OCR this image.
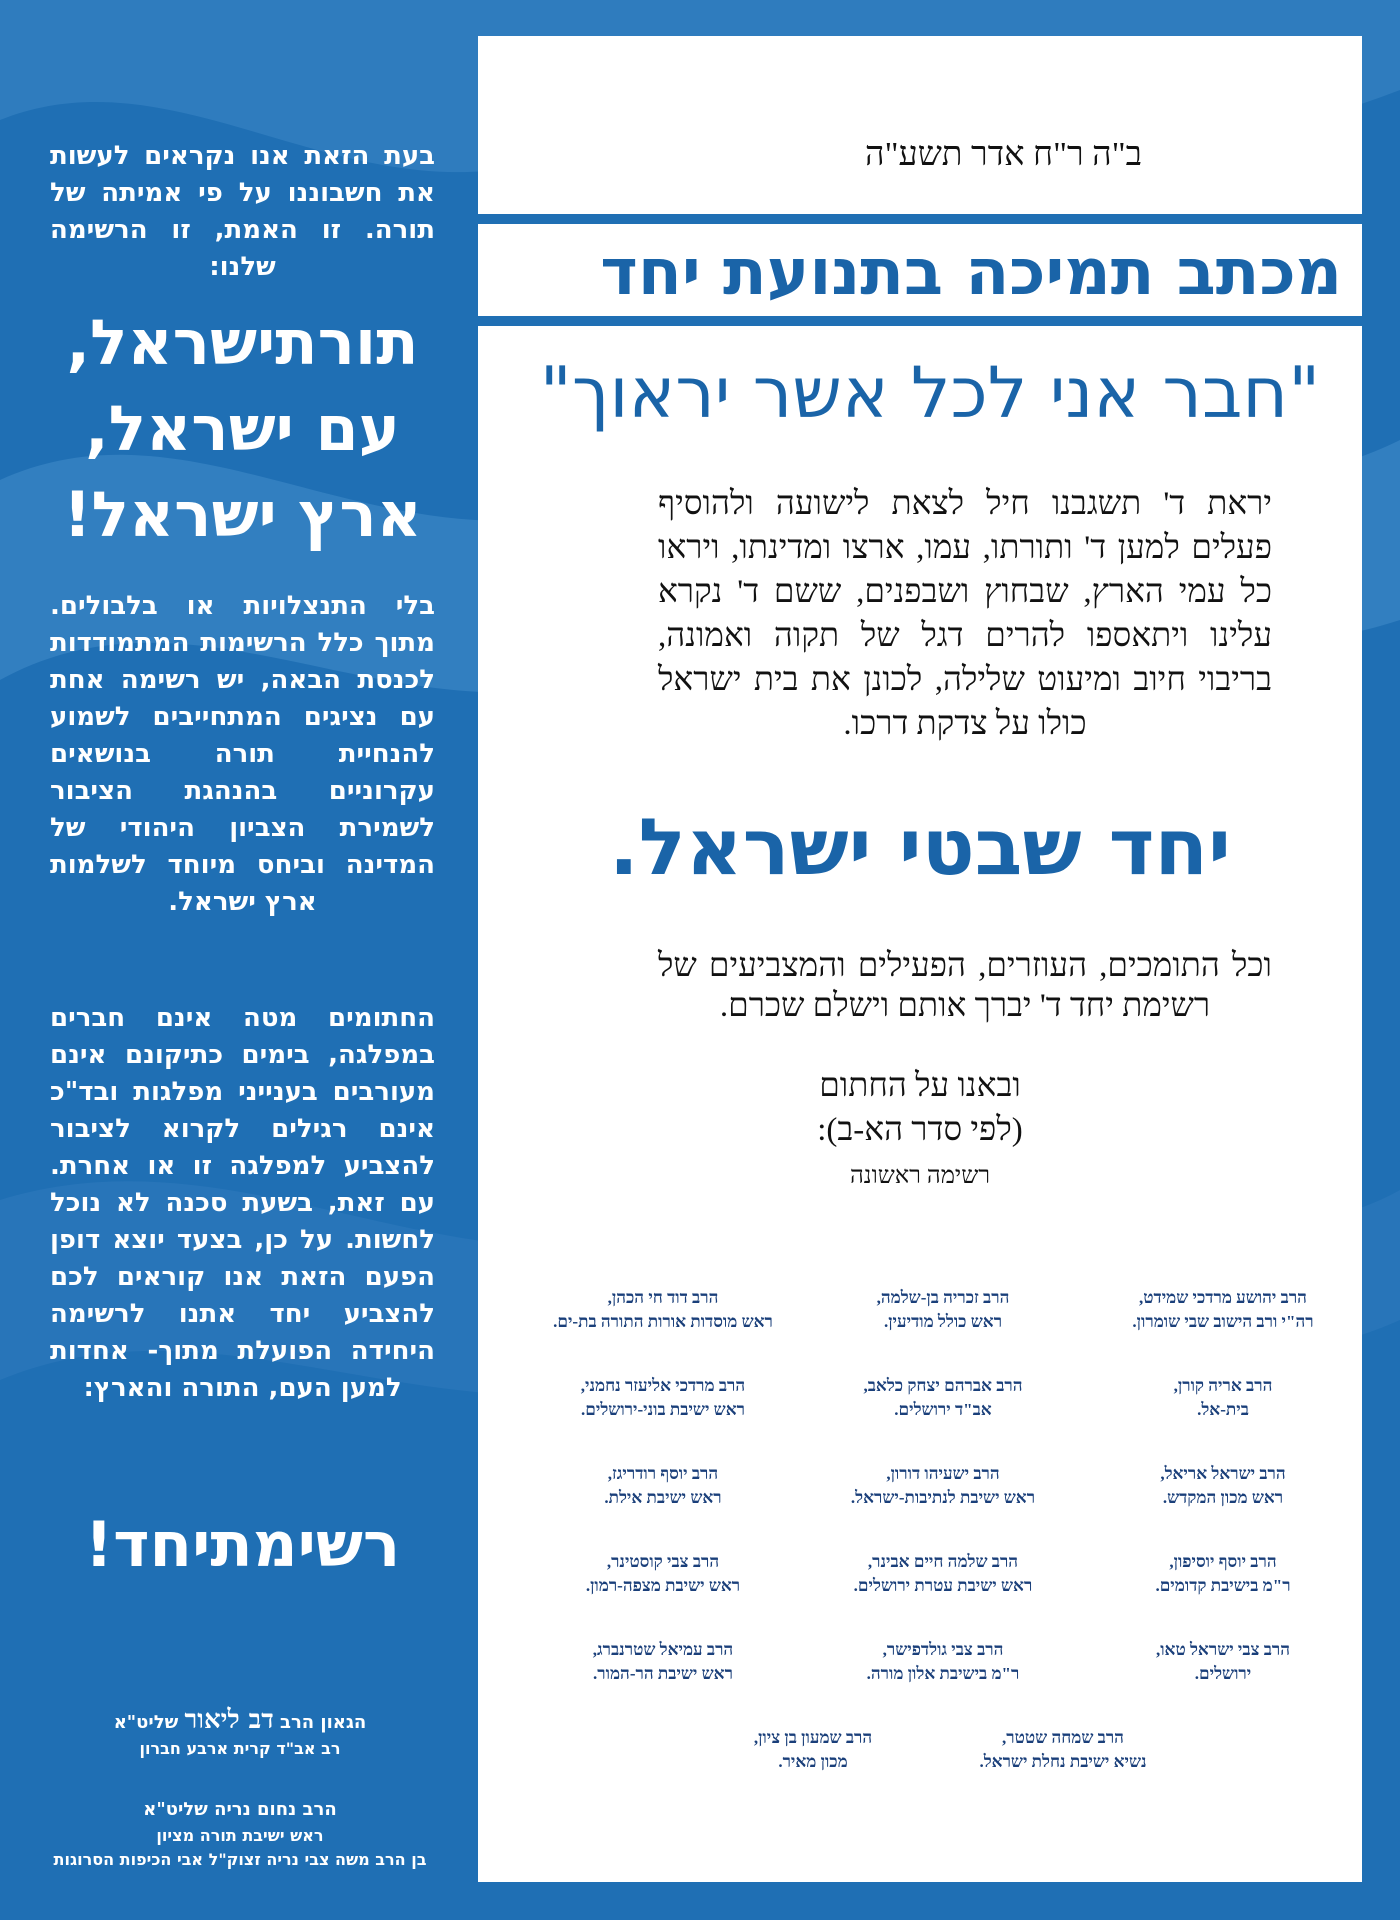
בעת הזאת אנו נקראים לעשות את חשבוננו על פי אמיתה של תורה. זו האמת, זו הרשימה שלנו:
תורתישראל,
עם ישראל,
ארץ ישראל!
בלי התנצלויות או בלבולים. מתוך כלל הרשימות המתמודדות לכנסת הבאה, יש רשימה אחת עם נציגים המתחייבים לשמוע להנחיית תורה בנושאים עקרוניים בהנהגת הציבור לשמירת הצביון היהודי של המדינה וביחס מיוחד לשלמות ארץ ישראל.
החתומים מטה אינם חברים במפלגה, בימים כתיקונם אינם מעורבים בענייני מפלגות ובד"כ אינם רגילים לקרוא לציבור להצביע למפלגה זו או אחרת. עם זאת, בשעת סכנה לא נוכל לחשות. על כן, בצעד יוצא דופן הפעם הזאת אנו קוראים לכם להצביע יחד אתנו לרשימה היחידה הפועלת מתוך- אחדות למען העם, התורה והארץ:
רשימתיחד!
הגאון הרב דב ליאור שליט"א
רב אב"ד קרית ארבע חברון
הרב נחום נריה שליט"א
ראש ישיבת תורה מציון
בן הרב משה צבי נריה זצוק"ל אבי הכיפות הסרוגות
ב"ה ר"ח אדר תשע"ה
מכתב תמיכה בתנועת יחד
"חבר אני לכל אשר יראוך"
יראת ד' תשגבנו חיל לצאת לישועה ולהוסיף פעלים למען ד' ותורתו, עמו, ארצו ומדינתו, ויראו כל עמי הארץ, שבחוץ ושבפנים, ששם ד' נקרא עלינו ויתאספו להרים דגל של תקוה ואמונה, בריבוי חיוב ומיעוט שלילה, לכונן את בית ישראל כולו על צדקת דרכו.
יחד שבטי ישראל.
וכל התומכים, העוזרים, הפעילים והמצביעים של רשימת יחד ד' יברך אותם וישלם שכרם.
ובאנו על החתום
(לפי סדר הא-ב):
רשימה ראשונה
הרב יהושע מרדכי שמידט,
רה"י ורב הישוב שבי שומרון.
הרב זכריה בן-שלמה,
ראש כולל מודיעין.
הרב דוד חי הכהן,
ראש מוסדות אורות התורה בת-ים.
הרב אריה קורן,
בית-אל.
הרב אברהם יצחק כלאב,
אב"ד ירושלים.
הרב מרדכי אליעזר נחמני,
ראש ישיבת בוני-ירושלים.
הרב ישראל אריאל,
ראש מכון המקדש.
הרב ישעיהו דורון,
ראש ישיבת לנתיבות-ישראל.
הרב יוסף רודריגז,
ראש ישיבת אילת.
הרב יוסף יוסיפון,
ר"מ בישיבת קדומים.
הרב שלמה חיים אבינר,
ראש ישיבת עטרת ירושלים.
הרב צבי קוסטינר,
ראש ישיבת מצפה-רמון.
הרב צבי ישראל טאו,
ירושלים.
הרב צבי גולדפישר,
ר"מ בישיבת אלון מורה.
הרב עמיאל שטרנברג,
ראש ישיבת הר-המור.
הרב שמחה שטטר,
נשיא ישיבת נחלת ישראל.
הרב שמעון בן ציון,
מכון מאיר.
